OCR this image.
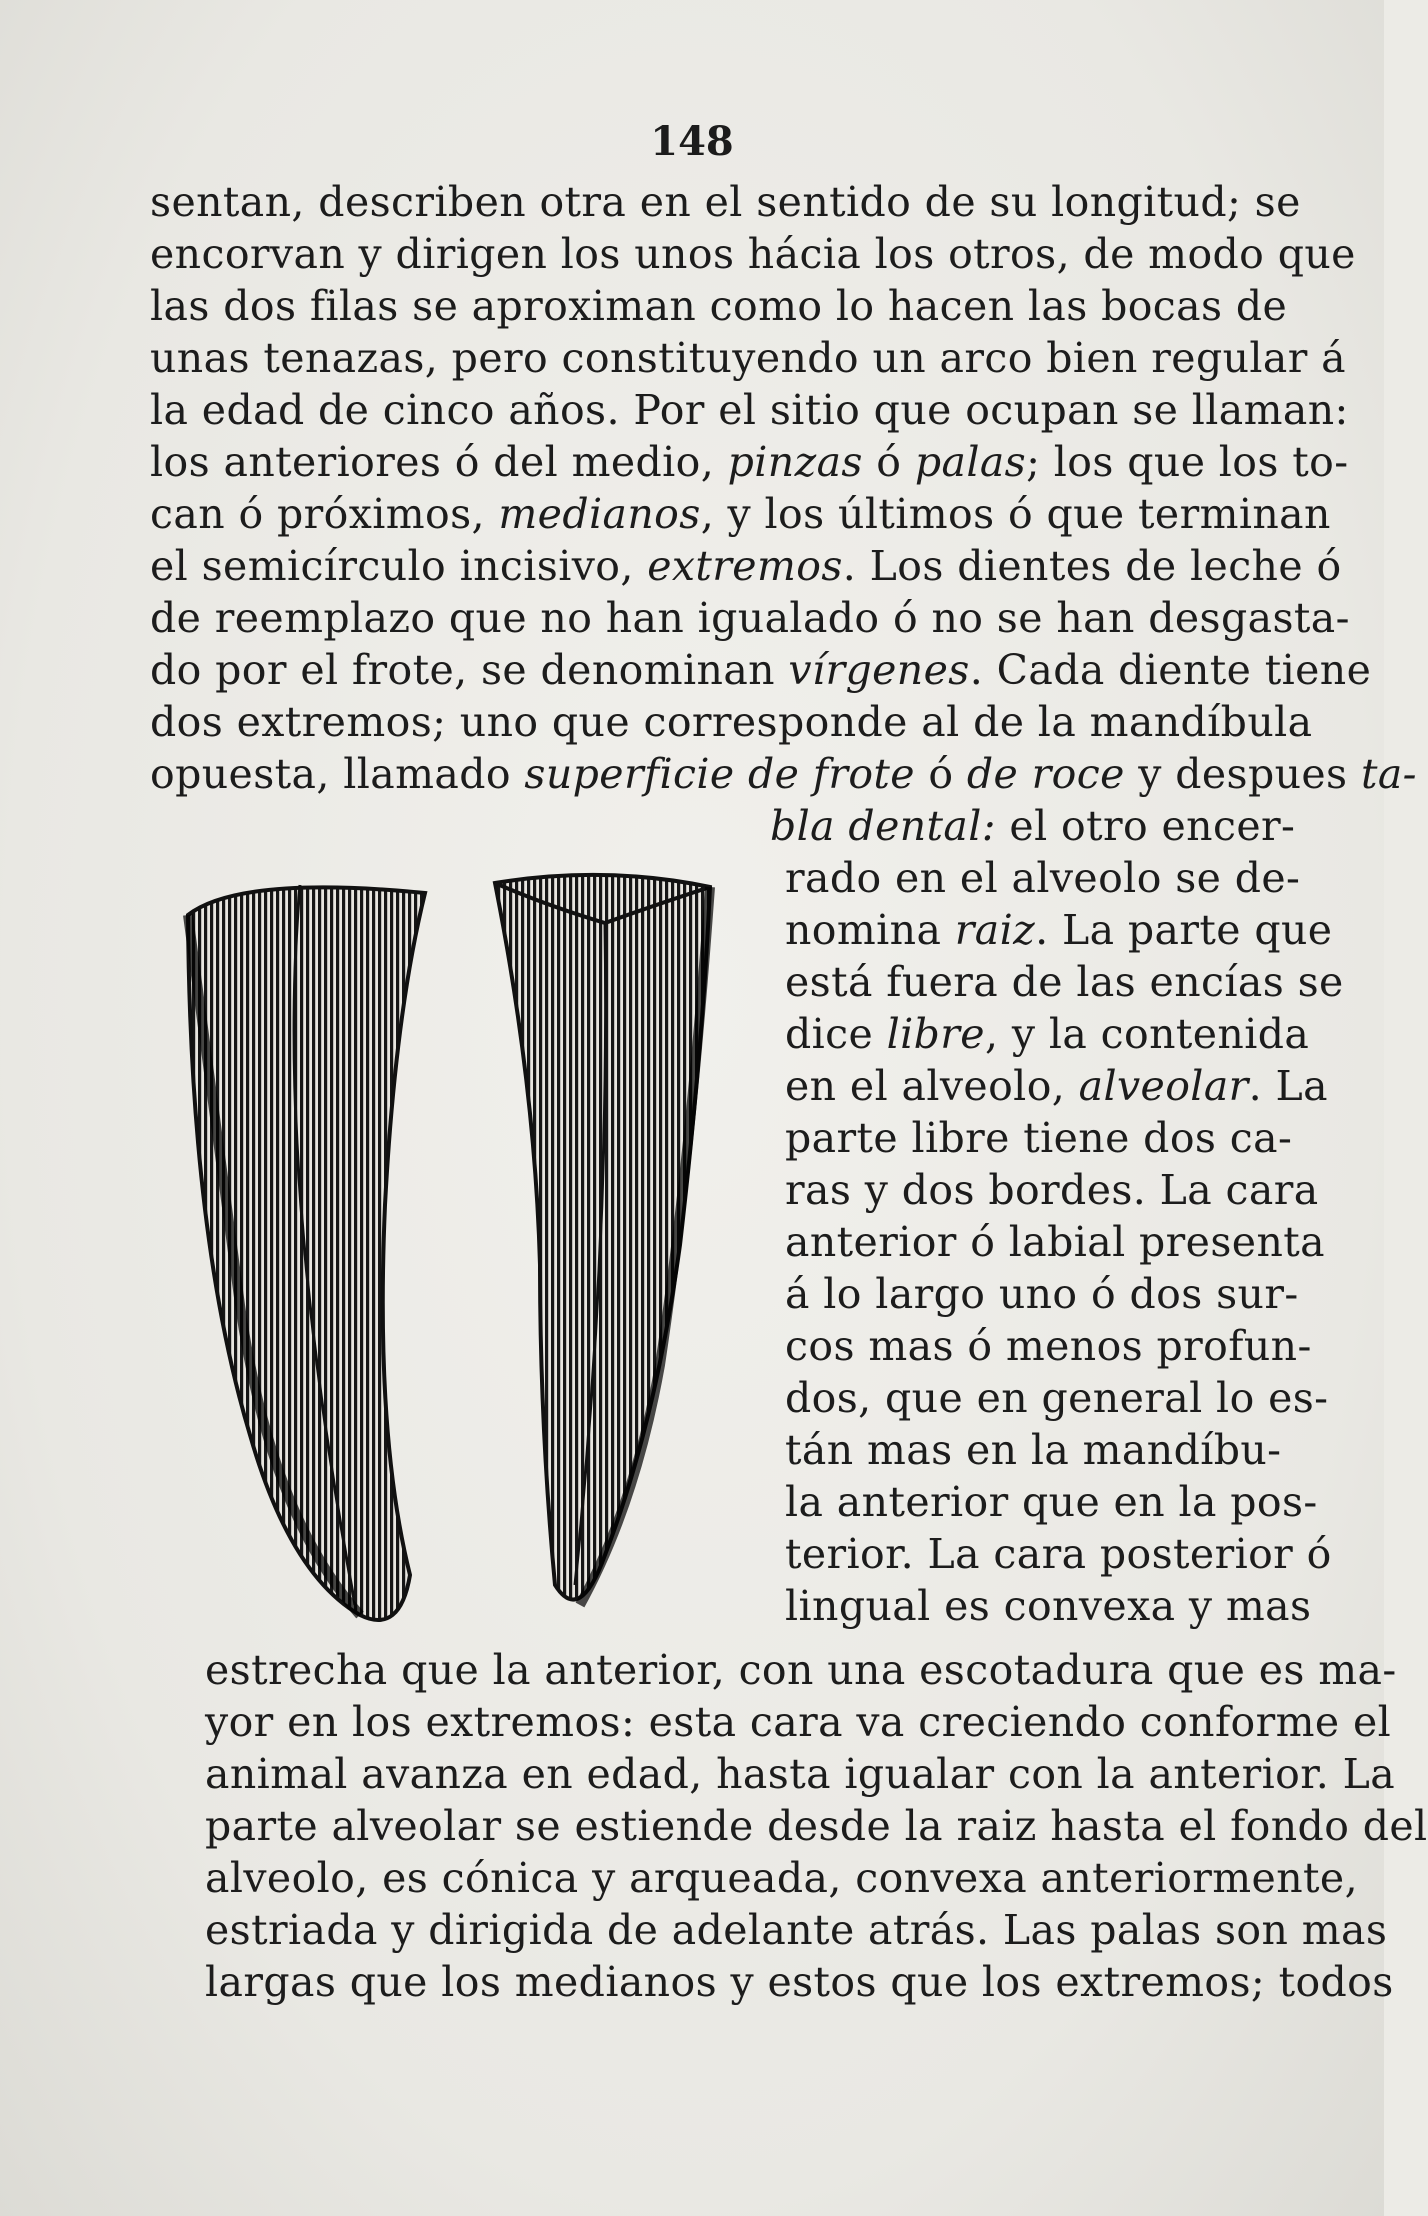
148
sentan, describen otra en el sentido de su longitud; se
encorvan y dirigen los unos hácia los otros, de modo que
las dos filas se aproximan como lo hacen las bocas de
unas tenazas, pero constituyendo un arco bien regular á
la edad de cinco años. Por el sitio que ocupan se llaman:
los anteriores ó del medio, pinzas ó palas; los que los to-
can ó próximos, medianos, y los últimos ó que terminan
el semicírculo incisivo, extremos. Los dientes de leche ó
de reemplazo que no han igualado ó no se han desgasta-
do por el frote, se denominan vírgenes. Cada diente tiene
dos extremos; uno que corresponde al de la mandíbula
opuesta, llamado superficie de frote ó de roce y despues ta-
bla dental: el otro encer-
rado en el alveolo se de-
nomina raiz. La parte que
está fuera de las encías se
dice libre, y la contenida
en el alveolo, alveolar. La
parte libre tiene dos ca-
ras y dos bordes. La cara
anterior ó labial presenta
á lo largo uno ó dos sur-
cos mas ó menos profun-
dos, que en general lo es-
tán mas en la mandíbu-
la anterior que en la pos-
terior. La cara posterior ó
lingual es convexa y mas
estrecha que la anterior, con una escotadura que es ma-
yor en los extremos: esta cara va creciendo conforme el
animal avanza en edad, hasta igualar con la anterior. La
parte alveolar se estiende desde la raiz hasta el fondo del
alveolo, es cónica y arqueada, convexa anteriormente,
estriada y dirigida de adelante atrás. Las palas son mas
largas que los medianos y estos que los extremos; todos
